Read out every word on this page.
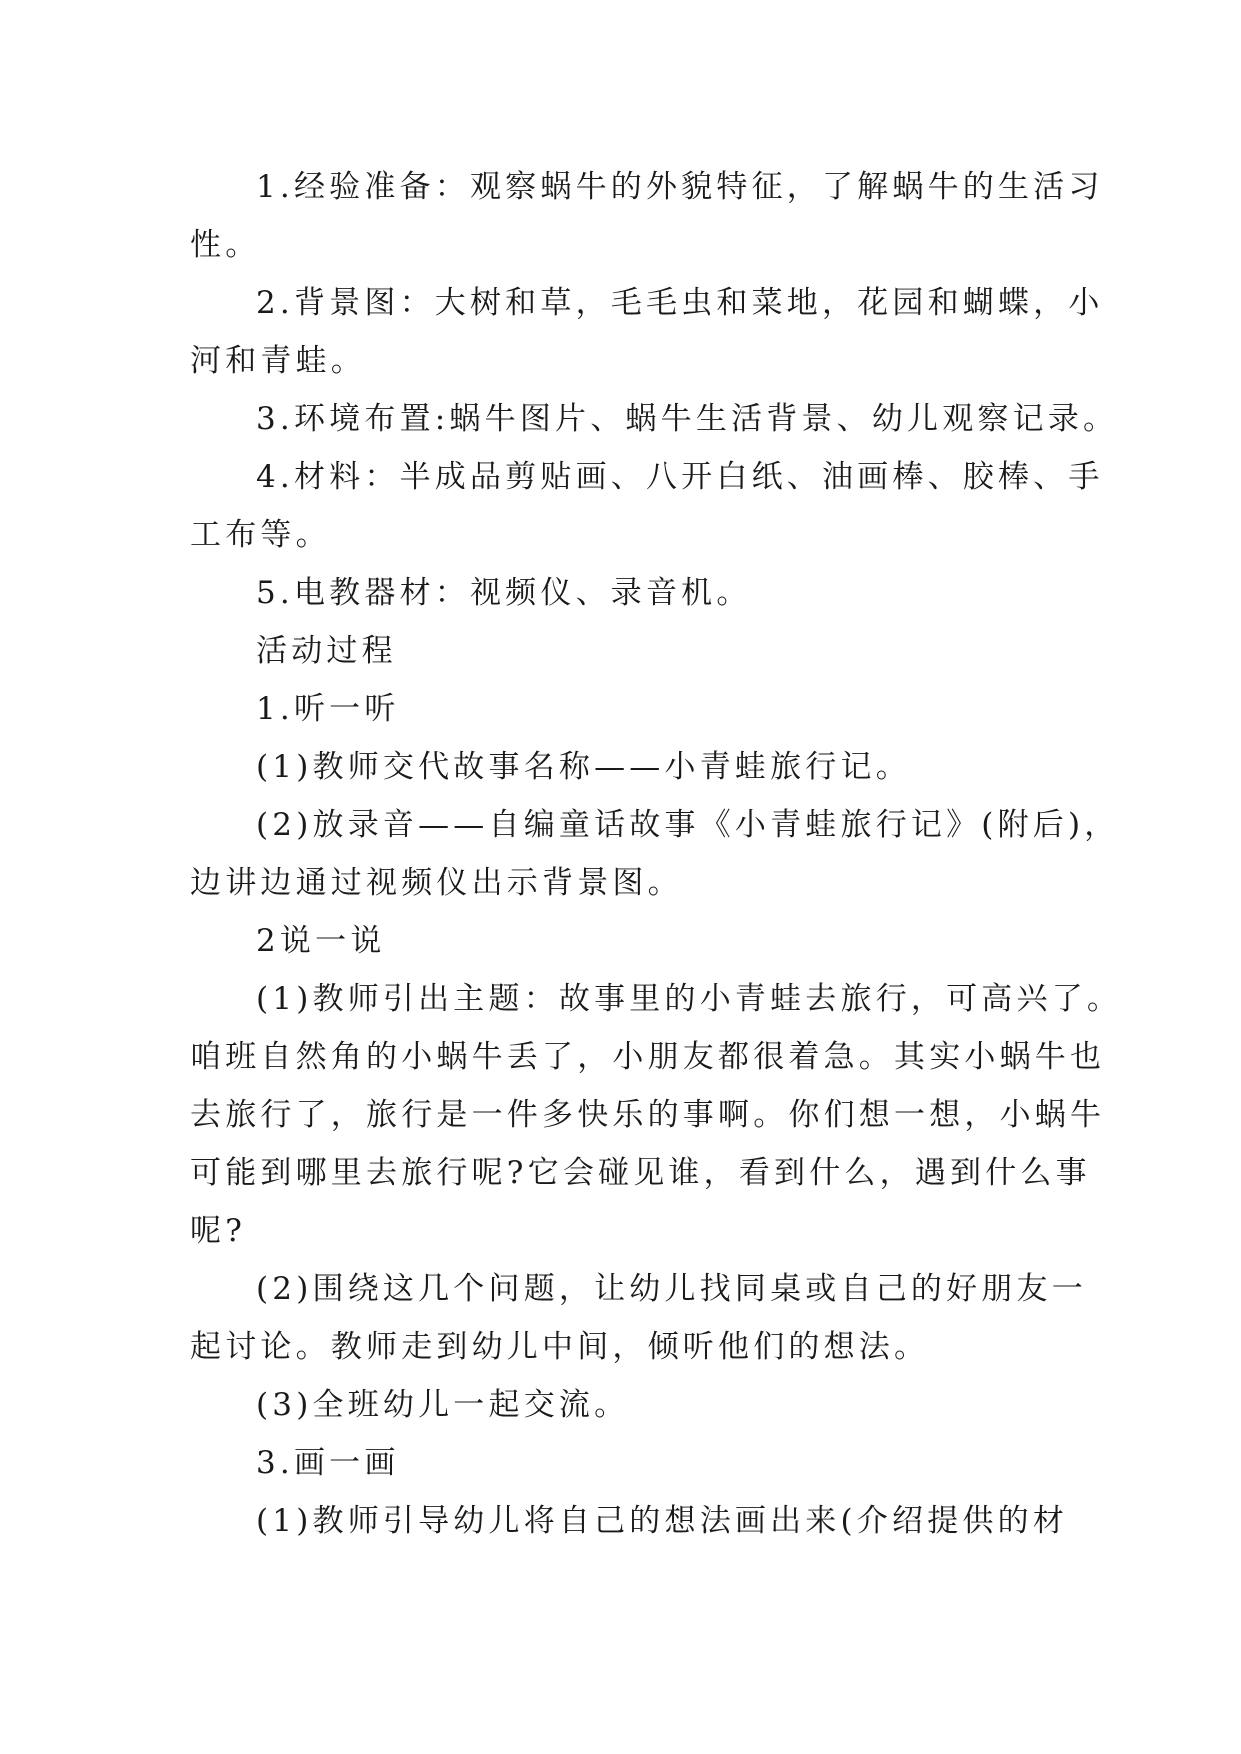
1.经验准备：观察蜗牛的外貌特征，了解蜗牛的生活习
性。

2.背景图：大树和草，毛毛虫和菜地，花园和蝴蝶，小
河和青蛙。

3.环境布置:蜗牛图片、蜗牛生活背景、幼儿观察记录。

4.材料：半成品剪贴画、八开白纸、油画棒、胶棒、手
工布等。

5.电教器材：视频仪、录音机。

活动过程

1.听一听

(1)教师交代故事名称——小青蛙旅行记。

(2)放录音——自编童话故事《小青蛙旅行记》(附后)，
边讲边通过视频仪出示背景图。

2说一说

(1)教师引出主题：故事里的小青蛙去旅行，可高兴了。
咱班自然角的小蜗牛丢了，小朋友都很着急。其实小蜗牛也
去旅行了，旅行是一件多快乐的事啊。你们想一想，小蜗牛
可能到哪里去旅行呢?它会碰见谁，看到什么，遇到什么事
呢?

(2)围绕这几个问题，让幼儿找同桌或自己的好朋友一
起讨论。教师走到幼儿中间，倾听他们的想法。

(3)全班幼儿一起交流。

3.画一画

(1)教师引导幼儿将自己的想法画出来(介绍提供的材
